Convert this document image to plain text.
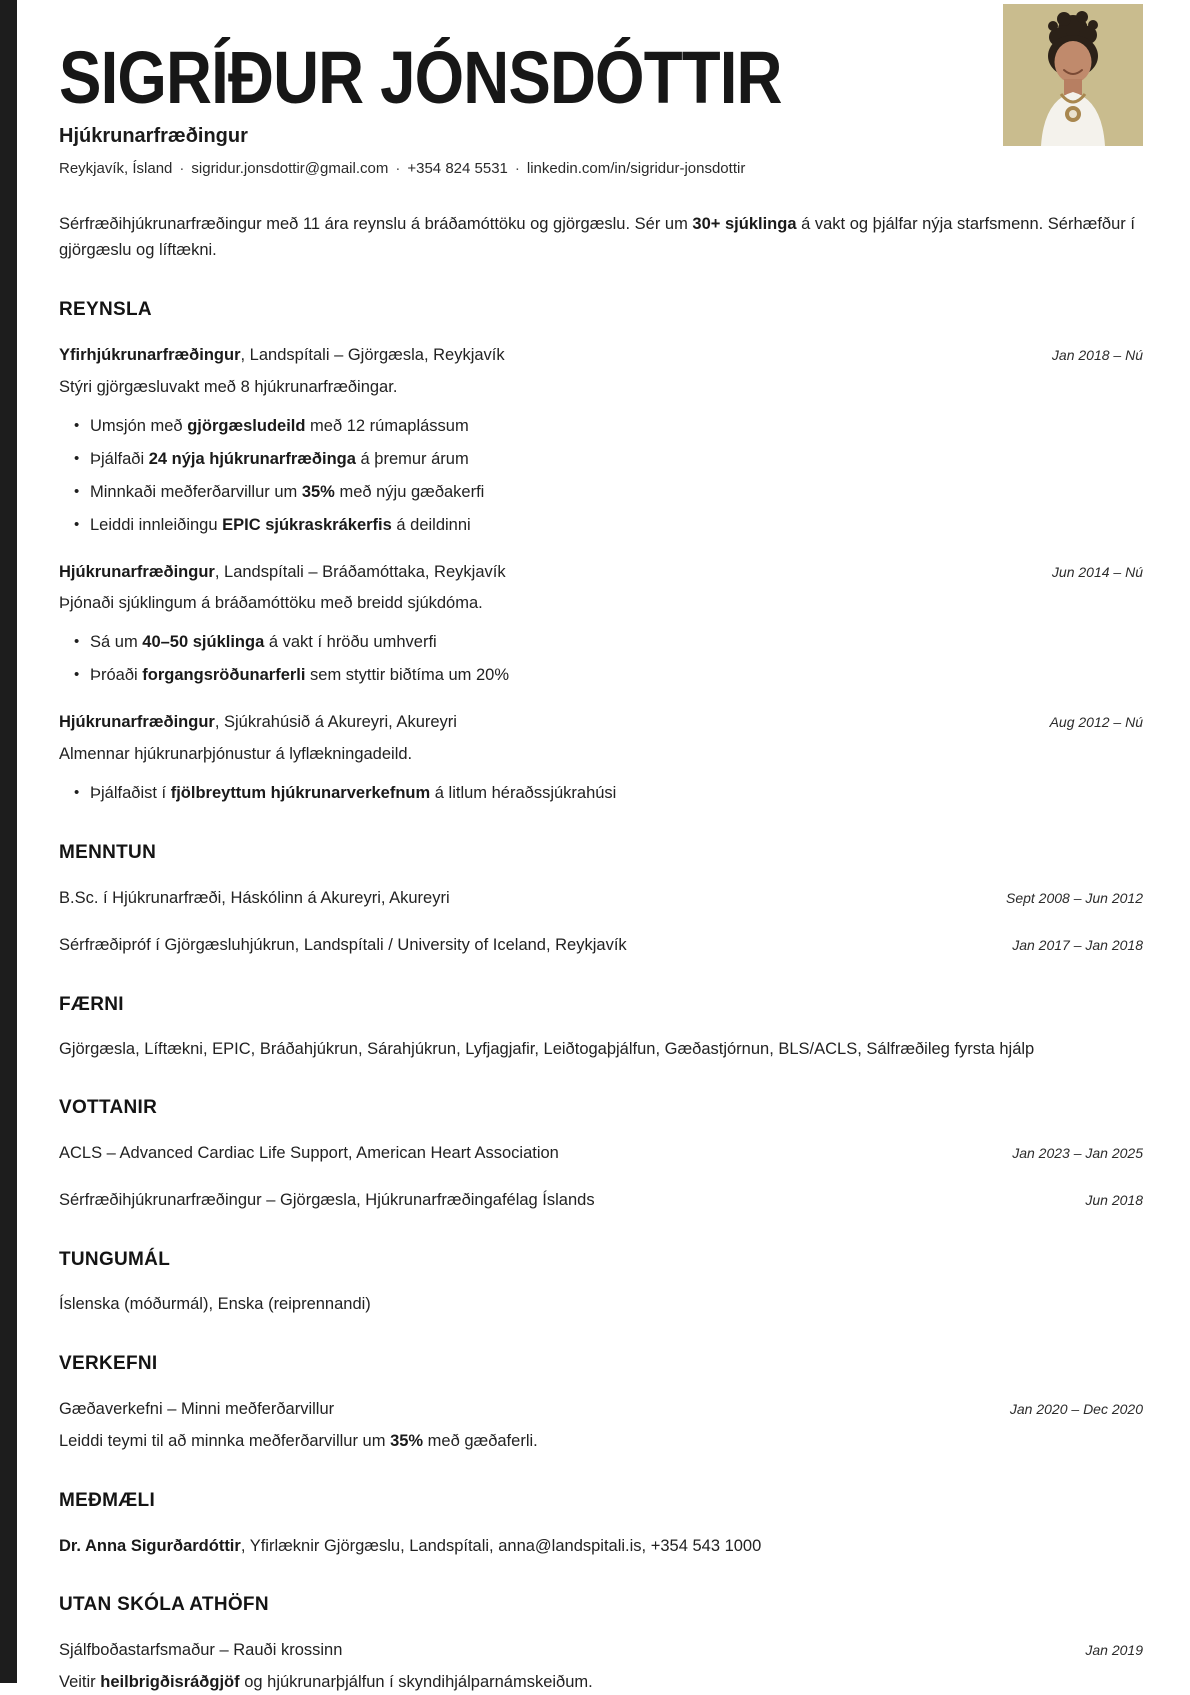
SIGRÍÐUR JÓNSDÓTTIR
Hjúkrunarfræðingur
Reykjavík, Ísland · sigridur.jonsdottir@gmail.com · +354 824 5531 · linkedin.com/in/sigridur-jonsdottir

Sérfræðihjúkrunarfræðingur með 11 ára reynslu á bráðamóttöku og gjörgæslu. Sér um 30+ sjúklinga á vakt og þjálfar nýja starfsmenn. Sérhæfður í gjörgæslu og líftækni.

REYNSLA
Yfirhjúkrunarfræðingur, Landspítali – Gjörgæsla, Reykjavík	Jan 2018 – Nú
Stýri gjörgæsluvakt með 8 hjúkrunarfræðingar.
• Umsjón með gjörgæsludeild með 12 rúmaplássum
• Þjálfaði 24 nýja hjúkrunarfræðinga á þremur árum
• Minnkaði meðferðarvillur um 35% með nýju gæðakerfi
• Leiddi innleiðingu EPIC sjúkraskrákerfis á deildinni
Hjúkrunarfræðingur, Landspítali – Bráðamóttaka, Reykjavík	Jun 2014 – Nú
Þjónaði sjúklingum á bráðamóttöku með breidd sjúkdóma.
• Sá um 40–50 sjúklinga á vakt í hröðu umhverfi
• Þróaði forgangsröðunarferli sem styttir biðtíma um 20%
Hjúkrunarfræðingur, Sjúkrahúsið á Akureyri, Akureyri	Aug 2012 – Nú
Almennar hjúkrunarþjónustur á lyflækningadeild.
• Þjálfaðist í fjölbreyttum hjúkrunarverkefnum á litlum héraðssjúkrahúsi
MENNTUN
B.Sc. í Hjúkrunarfræði, Háskólinn á Akureyri, Akureyri	Sept 2008 – Jun 2012
Sérfræðipróf í Gjörgæsluhjúkrun, Landspítali / University of Iceland, Reykjavík	Jan 2017 – Jan 2018
FÆRNI
Gjörgæsla, Líftækni, EPIC, Bráðahjúkrun, Sárahjúkrun, Lyfjagjafir, Leiðtogaþjálfun, Gæðastjórnun, BLS/ACLS, Sálfræðileg fyrsta hjálp
VOTTANIR
ACLS – Advanced Cardiac Life Support, American Heart Association	Jan 2023 – Jan 2025
Sérfræðihjúkrunarfræðingur – Gjörgæsla, Hjúkrunarfræðingafélag Íslands	Jun 2018
TUNGUMÁL
Íslenska (móðurmál), Enska (reiprennandi)
VERKEFNI
Gæðaverkefni – Minni meðferðarvillur	Jan 2020 – Dec 2020
Leiddi teymi til að minnka meðferðarvillur um 35% með gæðaferli.
MEÐMÆLI
Dr. Anna Sigurðardóttir, Yfirlæknir Gjörgæslu, Landspítali, anna@landspitali.is, +354 543 1000
UTAN SKÓLA ATHÖFN
Sjálfboðastarfsmaður – Rauði krossinn	Jan 2019
Veitir heilbrigðisráðgjöf og hjúkrunarþjálfun í skyndihjálparnámskeiðum.
